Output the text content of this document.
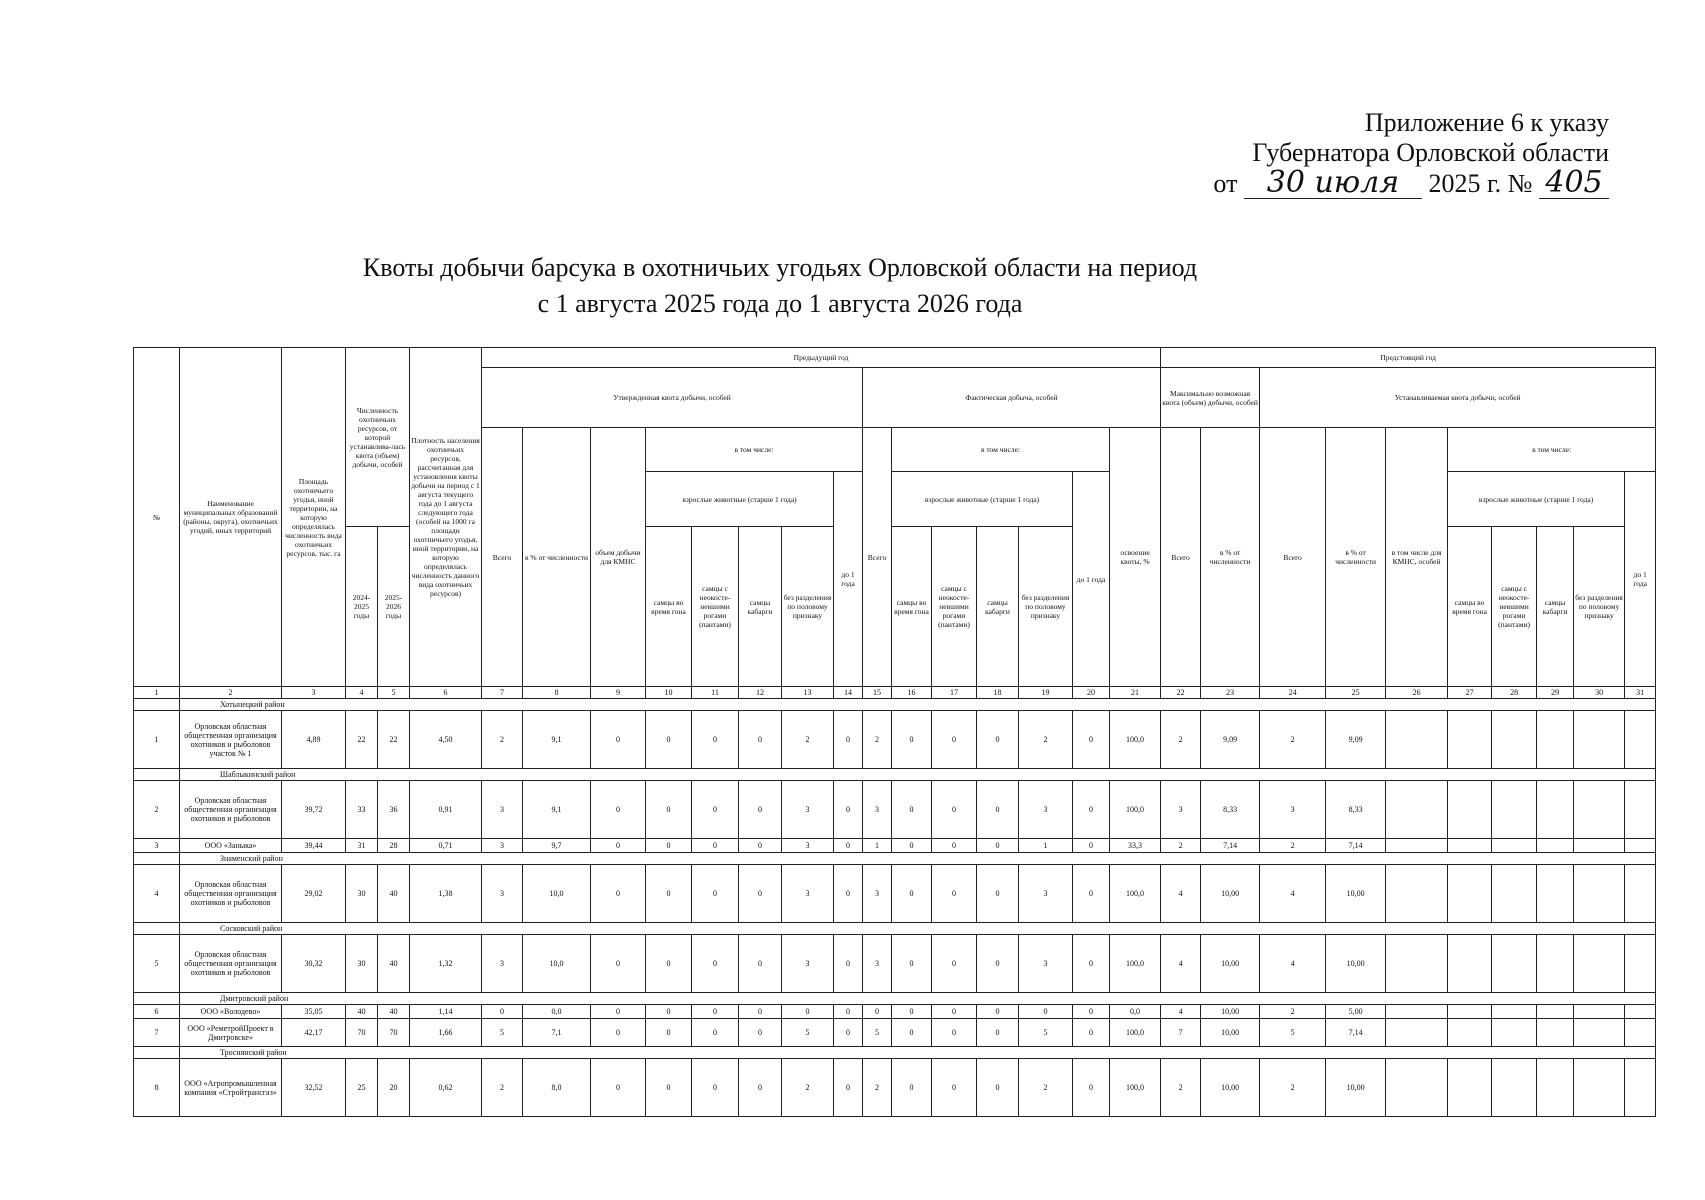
Приложение 6 к указу
Губернатора Орловской области
от 30 июля 2025 г. № 405
Квоты добычи барсука в охотничьих угодьях Орловской области на период
с 1 августа 2025 года до 1 августа 2026 года
№	Наименование муниципальных образований (районы, округа), охотничьих угодий, иных территорий	Площадь охотничьего угодья, иной территории, на которую определялась численность вида охотничьих ресурсов, тыс. га	Численность охотничьих ресурсов, от которой устанавлива-лась квота (объем) добычи, особей		Плотность населения охотничьих ресурсов, рассчитанная для установления квоты добычи на период с 1 августа текущего года до 1 августа следующего года (особей на 1000 га площади охотничьего угодья, иной территории, на которую определялась численность данного вида охотничьих ресурсов)	Предыдущий год															Предстоящий год									
						Утвержденная квота добычи, особей								Фактическая добыча, особей							Максимально возможная квота (объем) добычи, особей		Устанавливаемая квота добычи, особей							
						Всего	в % от численности	объем добычи для КМНС	в том числе:					Всего	в том числе:					освоение квоты, %	Всего	в % от численности	Всего	в % от численности	в том числе для КМНС, особей	в том числе:				
									взрослые животные (старше 1 года)				до 1 года		взрослые животные (старше 1 года)				до 1 года							взрослые животные (старше 1 года)				до 1 года
			2024-2025 годы	2025-2026 годы					самцы во время гона	самцы с неокосте-невшими рогами (пантами)	самцы кабарги	без разделения по половому признаку			самцы во время гона	самцы с неокосте-невшими рогами (пантами)	самцы кабарги	без разделения по половому признаку								самцы во время гона	самцы с неокосте-невшими рогами (пантами)	самцы кабарги	без разделения по половому признаку	

1	2	3	4	5	6	7	8	9	10	11	12	13	14	15	16	17	18	19	20	21	22	23	24	25	26	27	28	29	30	31
	Хотынецкий район																													
1	Орловская областная общественная организация охотников и рыболовов участок № 1	4,89	22	22	4,50	2	9,1	0	0	0	0	2	0	2	0	0	0	2	0	100,0	2	9,09	2	9,09						
	Шаблыкинский район																													
2	Орловская областная общественная организация охотников и рыболовов	39,72	33	36	0,91	3	9,1	0	0	0	0	3	0	3	0	0	0	3	0	100,0	3	8,33	3	8,33						
3	ООО «Заныка»	39,44	31	28	0,71	3	9,7	0	0	0	0	3	0	1	0	0	0	1	0	33,3	2	7,14	2	7,14						
	Знаменский район																													
4	Орловская областная общественная организация охотников и рыболовов	29,02	30	40	1,38	3	10,0	0	0	0	0	3	0	3	0	0	0	3	0	100,0	4	10,00	4	10,00						
	Сосковский район																													
5	Орловская областная общественная организация охотников и рыболовов	30,32	30	40	1,32	3	10,0	0	0	0	0	3	0	3	0	0	0	3	0	100,0	4	10,00	4	10,00						
	Дмитровский район																													
6	ООО «Володево»	35,05	40	40	1,14	0	0,0	0	0	0	0	0	0	0	0	0	0	0	0	0,0	4	10,00	2	5,00						
7	ООО «РеметройПроект в Дмитровске»	42,17	70	70	1,66	5	7,1	0	0	0	0	5	0	5	0	0	0	5	0	100,0	7	10,00	5	7,14						
	Троснянский район																													
8	ООО «Агропромышленная компания «Стройтрансгаз»	32,52	25	20	0,62	2	8,0	0	0	0	0	2	0	2	0	0	0	2	0	100,0	2	10,00	2	10,00						
